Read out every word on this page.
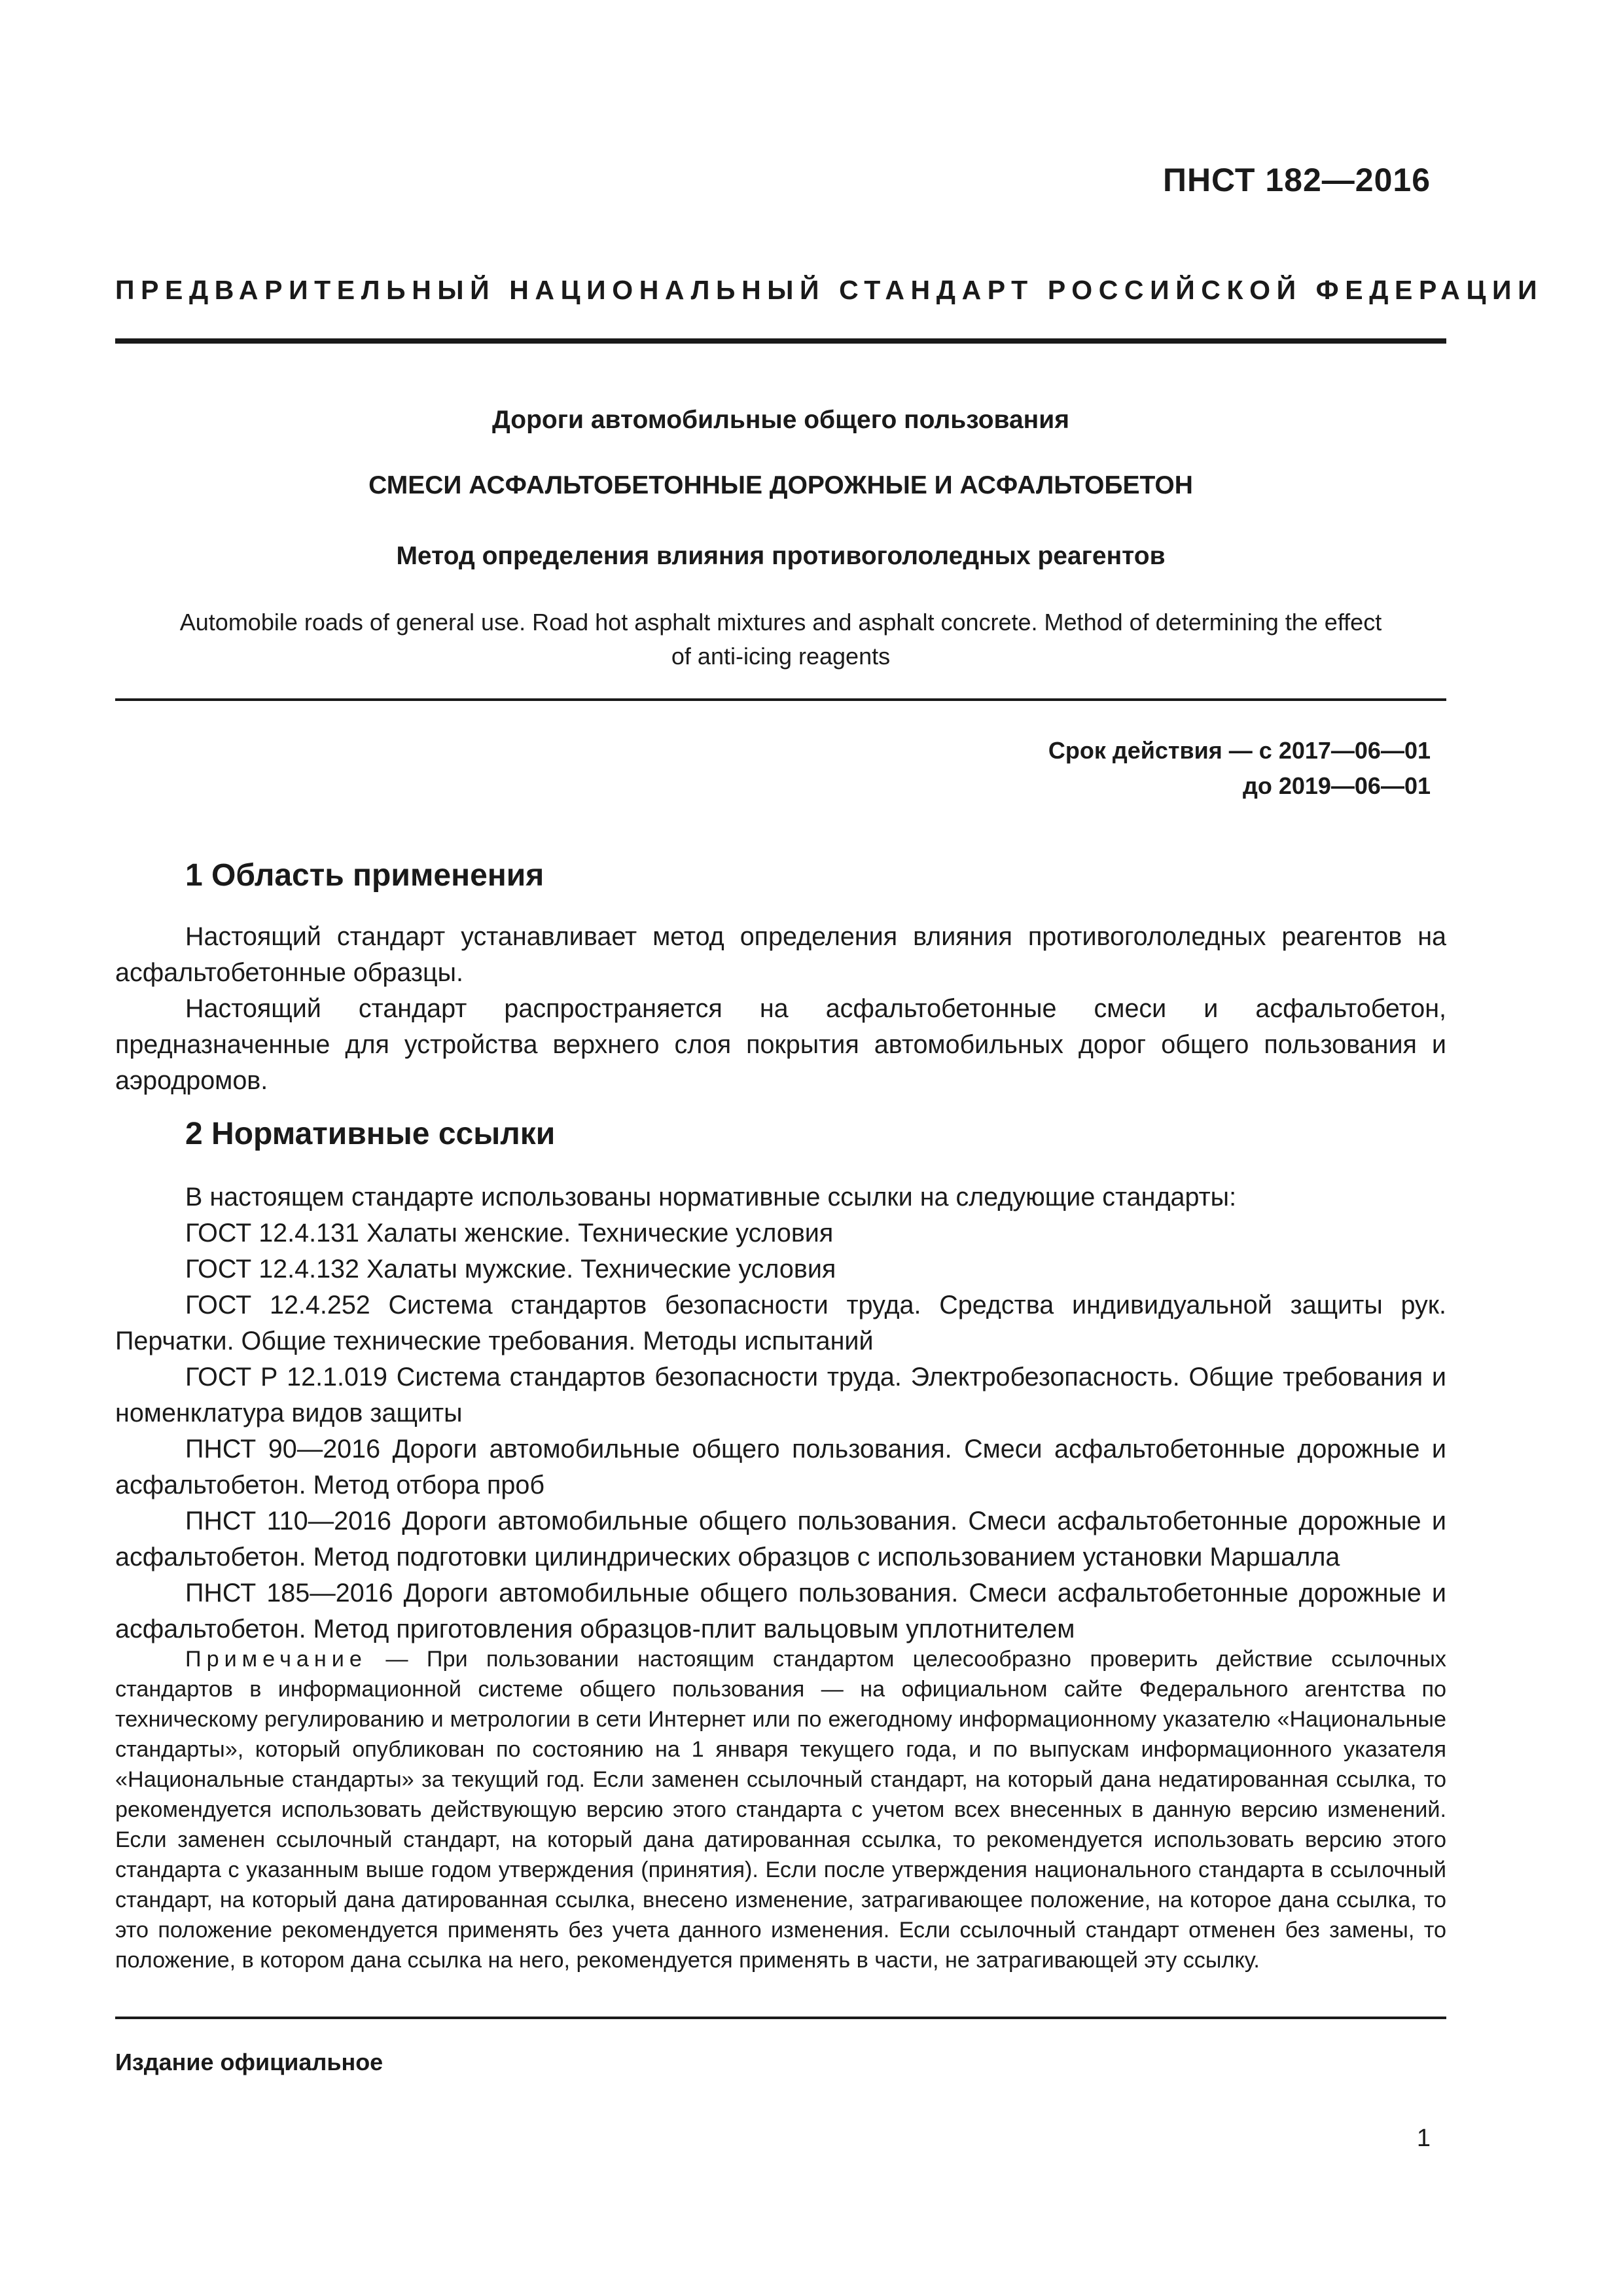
ПНСТ 182—2016
ПРЕДВАРИТЕЛЬНЫЙ НАЦИОНАЛЬНЫЙ СТАНДАРТ РОССИЙСКОЙ ФЕДЕРАЦИИ
Дороги автомобильные общего пользования
СМЕСИ АСФАЛЬТОБЕТОННЫЕ ДОРОЖНЫЕ И АСФАЛЬТОБЕТОН
Метод определения влияния противогололедных реагентов
Automobile roads of general use. Road hot asphalt mixtures and asphalt concrete. Method of determining the effect
of anti-icing reagents
Срок действия — с 2017—06—01
до 2019—06—01
1 Область применения

Настоящий стандарт устанавливает метод определения влияния противогололедных реагентов на асфальтобетонные образцы.

Настоящий стандарт распространяется на асфальтобетонные смеси и асфальтобетон, предназначенные для устройства верхнего слоя покрытия автомобильных дорог общего пользования и аэродромов.

2 Нормативные ссылки

В настоящем стандарте использованы нормативные ссылки на следующие стандарты:

ГОСТ 12.4.131 Халаты женские. Технические условия

ГОСТ 12.4.132 Халаты мужские. Технические условия

ГОСТ 12.4.252 Система стандартов безопасности труда. Средства индивидуальной защиты рук. Перчатки. Общие технические требования. Методы испытаний

ГОСТ Р 12.1.019 Система стандартов безопасности труда. Электробезопасность. Общие требования и номенклатура видов защиты

ПНСТ 90—2016 Дороги автомобильные общего пользования. Смеси асфальтобетонные дорожные и асфальтобетон. Метод отбора проб

ПНСТ 110—2016 Дороги автомобильные общего пользования. Смеси асфальтобетонные дорожные и асфальтобетон. Метод подготовки цилиндрических образцов с использованием установки Маршалла

ПНСТ 185—2016 Дороги автомобильные общего пользования. Смеси асфальтобетонные дорожные и асфальтобетон. Метод приготовления образцов-плит вальцовым уплотнителем

Примечание — При пользовании настоящим стандартом целесообразно проверить действие ссылочных стандартов в информационной системе общего пользования — на официальном сайте Федерального агентства по техническому регулированию и метрологии в сети Интернет или по ежегодному информационному указателю «Национальные стандарты», который опубликован по состоянию на 1 января текущего года, и по выпускам информационного указателя «Национальные стандарты» за текущий год. Если заменен ссылочный стандарт, на который дана недатированная ссылка, то рекомендуется использовать действующую версию этого стандарта с учетом всех внесенных в данную версию изменений. Если заменен ссылочный стандарт, на который дана датированная ссылка, то рекомендуется использовать версию этого стандарта с указанным выше годом утверждения (принятия). Если после утверждения национального стандарта в ссылочный стандарт, на который дана датированная ссылка, внесено изменение, затрагивающее положение, на которое дана ссылка, то это положение рекомендуется применять без учета данного изменения. Если ссылочный стандарт отменен без замены, то положение, в котором дана ссылка на него, рекомендуется применять в части, не затрагивающей эту ссылку.
Издание официальное
1
